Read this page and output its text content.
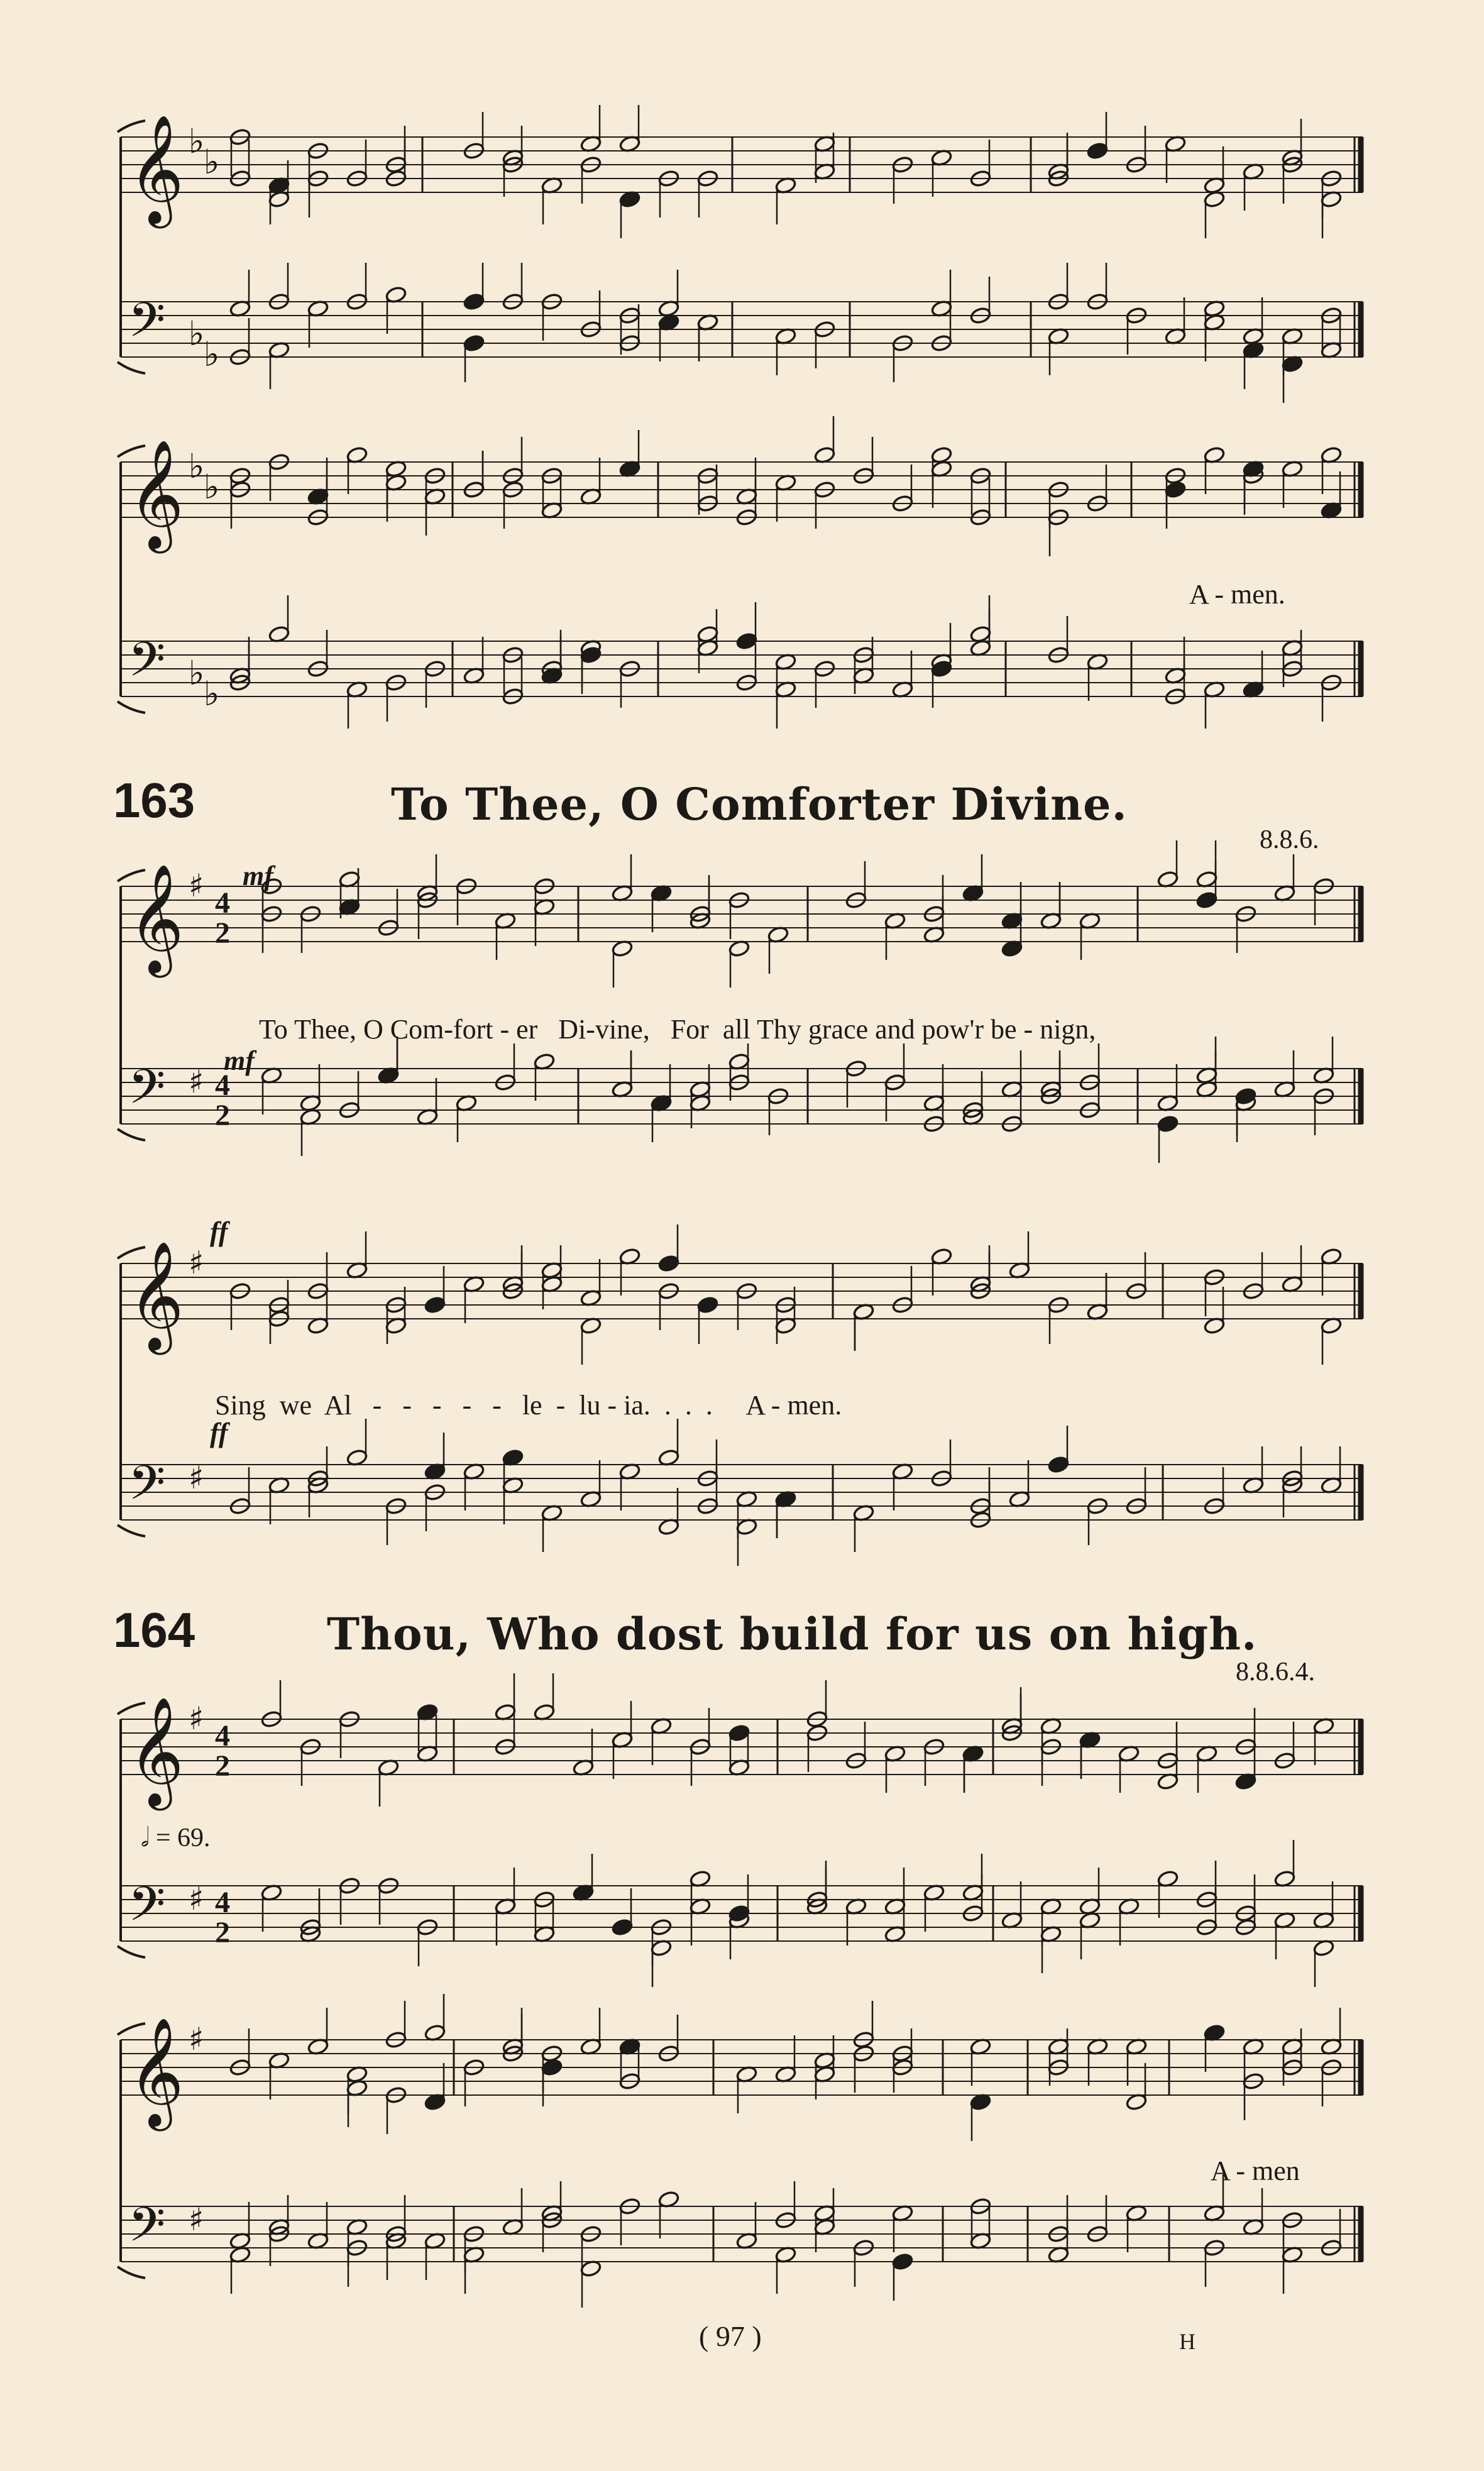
𝄞 ♭
♭
𝄢 ♭
♭
𝄞 ♭
♭
𝄢 ♭
♭
𝄞 ♯ 4
2
𝄢 ♯ 4
2
𝄞 ♯
𝄢 ♯
𝄞 ♯ 4
2
𝄢 ♯ 4
2
𝄞 ♯
𝄢 ♯
163	To Thee, O Comforter Divine.
8.8.6.
164	Thou, Who dost build for us on high.
8.8.6.4.
mf
mf
ff
ff
𝅗𝅥 = 69.
A - men.
To Thee, O Com-fort - er   Di-vine,   For  all Thy grace and pow'r be - nign,
Sing  we  Al   -   -   -   -   -   le  -  lu - ia.  .  .  .     A - men.
A - men
( 97 )	H
